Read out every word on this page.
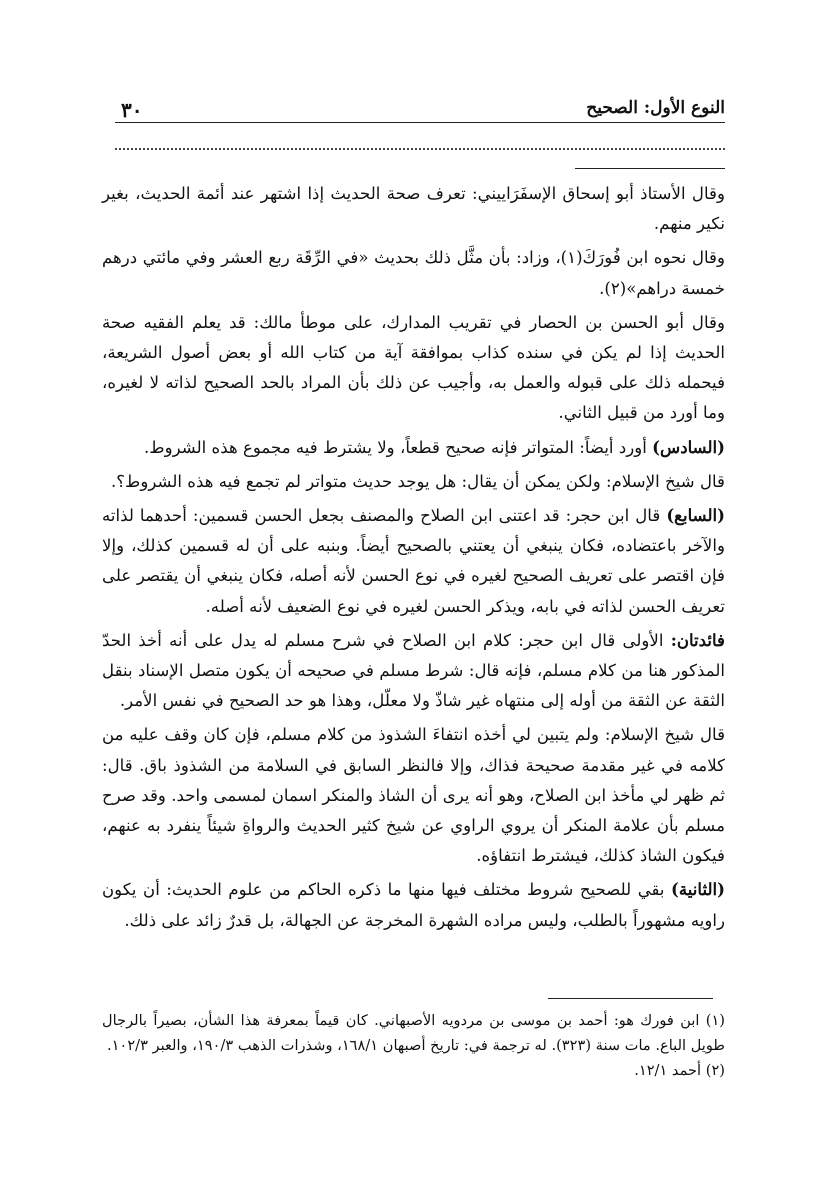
النوع الأول: الصحيح
٣٠

وقال الأستاذ أبو إسحاق الإسفَرَاييني: تعرف صحة الحديث إذا اشتهر عند أئمة الحديث، بغير نكير منهم.

وقال نحوه ابن فُورَكَ(١)، وزاد: بأن مثَّل ذلك بحديث «في الرِّقَة ربع العشر وفي مائتي درهم خمسة دراهم»(٢).

وقال أبو الحسن بن الحصار في تقريب المدارك، على موطأ مالك: قد يعلم الفقيه صحة الحديث إذا لم يكن في سنده كذاب بموافقة آية من كتاب الله أو بعض أصول الشريعة، فيحمله ذلك على قبوله والعمل به، وأجيب عن ذلك بأن المراد بالحد الصحيح لذاته لا لغيره، وما أورد من قبيل الثاني.

(السادس) أورد أيضاً: المتواتر فإنه صحيح قطعاً، ولا يشترط فيه مجموع هذه الشروط.

قال شيخ الإسلام: ولكن يمكن أن يقال: هل يوجد حديث متواتر لم تجمع فيه هذه الشروط؟.

(السابع) قال ابن حجر: قد اعتنى ابن الصلاح والمصنف بجعل الحسن قسمين: أحدهما لذاته والآخر باعتضاده، فكان ينبغي أن يعتني بالصحيح أيضاً. وبنبه على أن له قسمين كذلك، وإلا فإن اقتصر على تعريف الصحيح لغيره في نوع الحسن لأنه أصله، فكان ينبغي أن يقتصر على تعريف الحسن لذاته في بابه، ويذكر الحسن لغيره في نوع الضعيف لأنه أصله.

فائدتان: الأولى قال ابن حجر: كلام ابن الصلاح في شرح مسلم له يدل على أنه أخذ الحدّ المذكور هنا من كلام مسلم، فإنه قال: شرط مسلم في صحيحه أن يكون متصل الإسناد بنقل الثقة عن الثقة من أوله إلى منتهاه غير شاذّ ولا معلّل، وهذا هو حد الصحيح في نفس الأمر.

قال شيخ الإسلام: ولم يتبين لي أخذه انتفاءَ الشذوذ من كلام مسلم، فإن كان وقف عليه من كلامه في غير مقدمة صحيحة فذاك، وإلا فالنظر السابق في السلامة من الشذوذ باق. قال: ثم ظهر لي مأخذ ابن الصلاح، وهو أنه يرى أن الشاذ والمنكر اسمان لمسمى واحد. وقد صرح مسلم بأن علامة المنكر أن يروي الراوي عن شيخ كثير الحديث والرواةِ شيئاً ينفرد به عنهم، فيكون الشاذ كذلك، فيشترط انتفاؤه.

(الثانية) بقي للصحيح شروط مختلف فيها منها ما ذكره الحاكم من علوم الحديث: أن يكون راويه مشهوراً بالطلب، وليس مراده الشهرة المخرجة عن الجهالة، بل قدرٌ زائد على ذلك.

(١) ابن فورك هو: أحمد بن موسى بن مردويه الأصبهاني. كان قيماً بمعرفة هذا الشأن، بصيراً بالرجال طويل الباع. مات سنة (٣٢٣). له ترجمة في: تاريخ أصبهان ١٦٨/١، وشذرات الذهب ١٩٠/٣، والعبر ١٠٢/٣.

(٢) أحمد ١٢/١.
